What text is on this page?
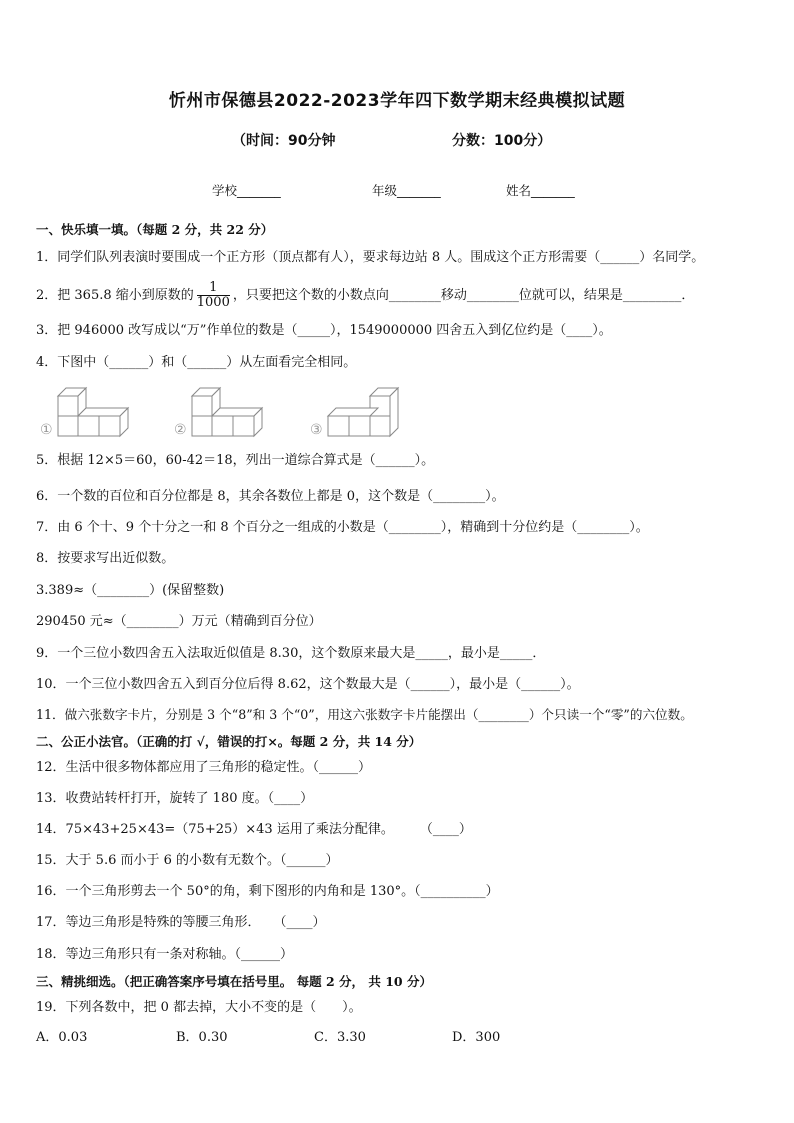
忻州市保德县2022-2023学年四下数学期末经典模拟试题
（时间：90分钟	分数：100分）
学校_______	年级_______	姓名_______
一、快乐填一填。（每题 2 分，共 22 分）
1．同学们队列表演时要围成一个正方形（顶点都有人），要求每边站 8 人。围成这个正方形需要（______）名同学。
2．把 365.8 缩小到原数的 $\frac{1}{1000}$ ，只要把这个数的小数点向________移动________位就可以，结果是_________．
3．把 946000 改写成以“万”作单位的数是（_____），1549000000 四舍五入到亿位约是（____）。
4．下图中（______）和（______）从左面看完全相同。
①	②	③
5．根据 12×5＝60，60-42＝18，列出一道综合算式是（______）。
6．一个数的百位和百分位都是 8，其余各数位上都是 0，这个数是（________）。
7．由 6 个十、9 个十分之一和 8 个百分之一组成的小数是（________），精确到十分位约是（________）。
8．按要求写出近似数。
3.389≈（________）(保留整数)
290450 元≈（________）万元（精确到百分位）
9．一个三位小数四舍五入法取近似值是 8.30，这个数原来最大是_____，最小是_____．
10．一个三位小数四舍五入到百分位后得 8.62，这个数最大是（______），最小是（______）。
11．做六张数字卡片，分别是 3 个“8”和 3 个“0”，用这六张数字卡片能摆出（________）个只读一个“零”的六位数。
二、公正小法官。（正确的打 √，错误的打×。每题 2 分，共 14 分）
12．生活中很多物体都应用了三角形的稳定性。（______）
13．收费站转杆打开，旋转了 180 度。（____）
14．75×43+25×43=（75+25）×43 运用了乘法分配律。　　　（____）
15．大于 5.6 而小于 6 的小数有无数个。（______）
16．一个三角形剪去一个 50°的角，剩下图形的内角和是 130°。（__________）
17．等边三角形是特殊的等腰三角形．　　（____）
18．等边三角形只有一条对称轴。（______）
三、精挑细选。（把正确答案序号填在括号里。 每题 2 分， 共 10 分）
19．下列各数中，把 0 都去掉，大小不变的是（　　）。
A．0.03	B．0.30	C．3.30	D．300
